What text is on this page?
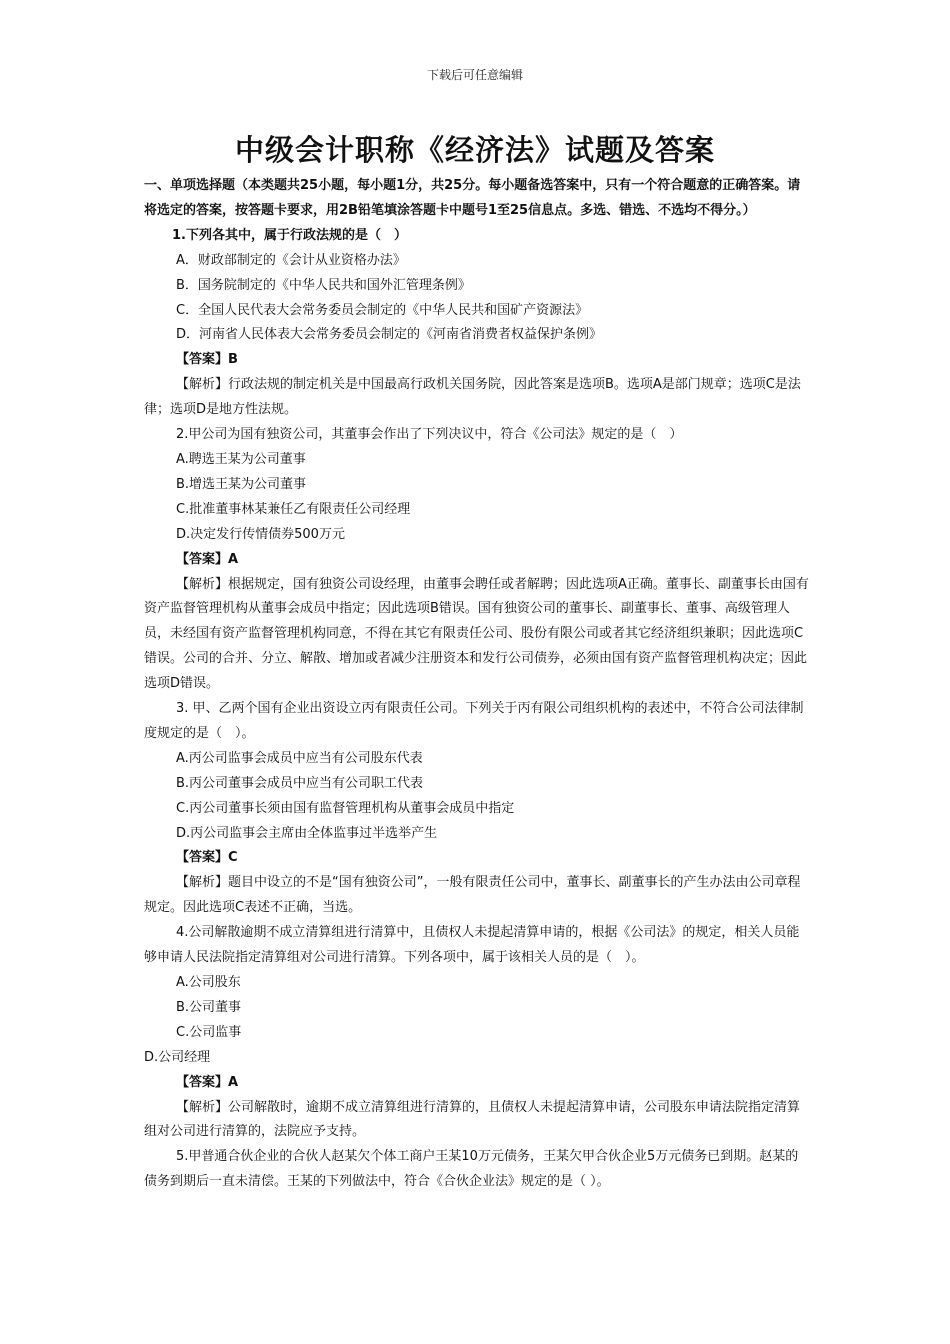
下载后可任意编辑
中级会计职称《经济法》试题及答案

一、单项选择题（本类题共25小题，每小题1分，共25分。每小题备选答案中，只有一个符合题意的正确答案。请将选定的答案，按答题卡要求，用2B铅笔填涂答题卡中题号1至25信息点。多选、错选、不选均不得分。）

1.下列各其中，属于行政法规的是（　）

A．财政部制定的《会计从业资格办法》

B．国务院制定的《中华人民共和国外汇管理条例》

C．全国人民代表大会常务委员会制定的《中华人民共和国矿产资源法》

D．河南省人民体表大会常务委员会制定的《河南省消费者权益保护条例》

【答案】B

【解析】行政法规的制定机关是中国最高行政机关国务院，因此答案是选项B。选项A是部门规章；选项C是法律；选项D是地方性法规。

2.甲公司为国有独资公司，其董事会作出了下列决议中，符合《公司法》规定的是（　）

A.聘选王某为公司董事

B.增选王某为公司董事

C.批准董事林某兼任乙有限责任公司经理

D.决定发行传情债券500万元

【答案】A

【解析】根据规定，国有独资公司设经理，由董事会聘任或者解聘；因此选项A正确。董事长、副董事长由国有资产监督管理机构从董事会成员中指定；因此选项B错误。国有独资公司的董事长、副董事长、董事、高级管理人员，未经国有资产监督管理机构同意，不得在其它有限责任公司、股份有限公司或者其它经济组织兼职；因此选项C错误。公司的合并、分立、解散、增加或者减少注册资本和发行公司债券，必须由国有资产监督管理机构决定；因此选项D错误。

3. 甲、乙两个国有企业出资设立丙有限责任公司。下列关于丙有限公司组织机构的表述中，不符合公司法律制度规定的是（　）。

A.丙公司监事会成员中应当有公司股东代表

B.丙公司董事会成员中应当有公司职工代表

C.丙公司董事长须由国有监督管理机构从董事会成员中指定

D.丙公司监事会主席由全体监事过半选举产生

【答案】C

【解析】题目中设立的不是“国有独资公司”，一般有限责任公司中，董事长、副董事长的产生办法由公司章程规定。因此选项C表述不正确，当选。

4.公司解散逾期不成立清算组进行清算中，且债权人未提起清算申请的，根据《公司法》的规定，相关人员能够申请人民法院指定清算组对公司进行清算。下列各项中，属于该相关人员的是（　）。

A.公司股东

B.公司董事

C.公司监事

D.公司经理

【答案】A

【解析】公司解散时，逾期不成立清算组进行清算的，且债权人未提起清算申请，公司股东申请法院指定清算组对公司进行清算的，法院应予支持。

5.甲普通合伙企业的合伙人赵某欠个体工商户王某10万元债务，王某欠甲合伙企业5万元债务已到期。赵某的债务到期后一直未清偿。王某的下列做法中，符合《合伙企业法》规定的是（ ）。
